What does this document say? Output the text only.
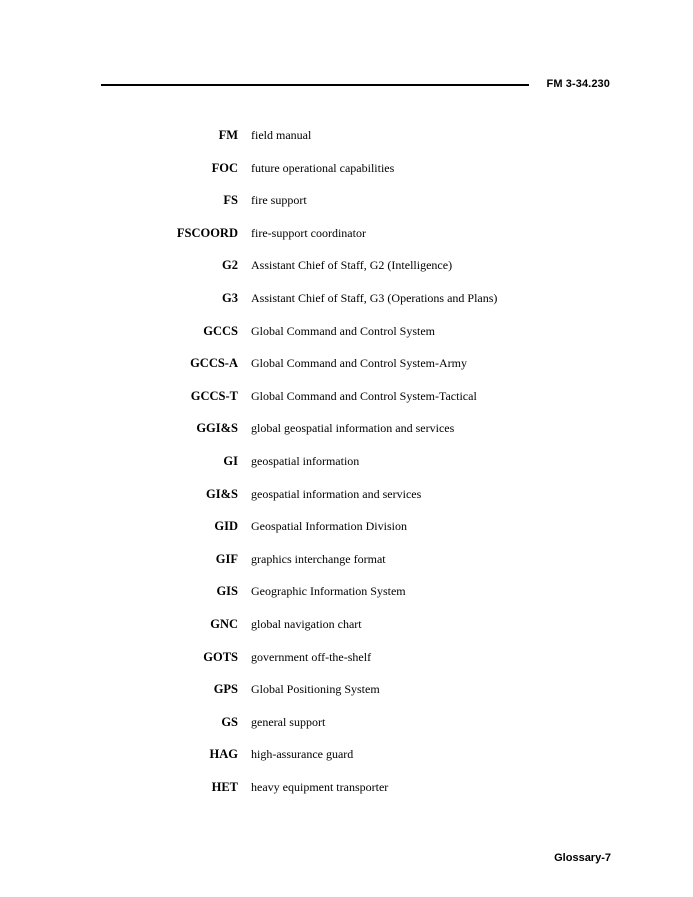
FM 3-34.230
FM field manual
FOC future operational capabilities
FS fire support
FSCOORD fire-support coordinator
G2 Assistant Chief of Staff, G2 (Intelligence)
G3 Assistant Chief of Staff, G3 (Operations and Plans)
GCCS Global Command and Control System
GCCS-A Global Command and Control System-Army
GCCS-T Global Command and Control System-Tactical
GGI&S global geospatial information and services
GI geospatial information
GI&S geospatial information and services
GID Geospatial Information Division
GIF graphics interchange format
GIS Geographic Information System
GNC global navigation chart
GOTS government off-the-shelf
GPS Global Positioning System
GS general support
HAG high-assurance guard
HET heavy equipment transporter
Glossary-7
